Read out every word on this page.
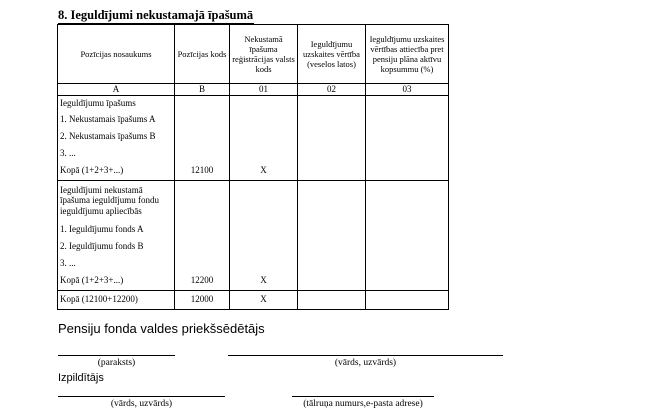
8. Ieguldījumi nekustamajā īpašumā
Pozīcijas nosaukums	Pozīcijas kods	Nekustamā īpašuma reģistrācijas valsts kods	Ieguldījumu uzskaites vērtība (veselos latos)	Ieguldījumu uzskaites vērtības attiecība pret pensiju plāna aktīvu kopsummu (%)
A	B	01	02	03
Ieguldījumu īpašums				
1. Nekustamais īpašums A				
2. Nekustamais īpašums B				
3. ...				
Kopā (1+2+3+...)	12100	X		

Ieguldījumi nekustamā
īpašuma ieguldījumu fondu
ieguldījumu apliecībās				

1. Ieguldījumu fonds A				
2. Ieguldījumu fonds B				
3. ...				
Kopā (1+2+3+...)	12200	X		
Kopā (12100+12200)	12000	X		
Pensiju fonda valdes priekšsēdētājs
(paraksts)	(vārds, uzvārds)
Izpildītājs
(vārds, uzvārds)	(tālruņa numurs,e-pasta adrese)
